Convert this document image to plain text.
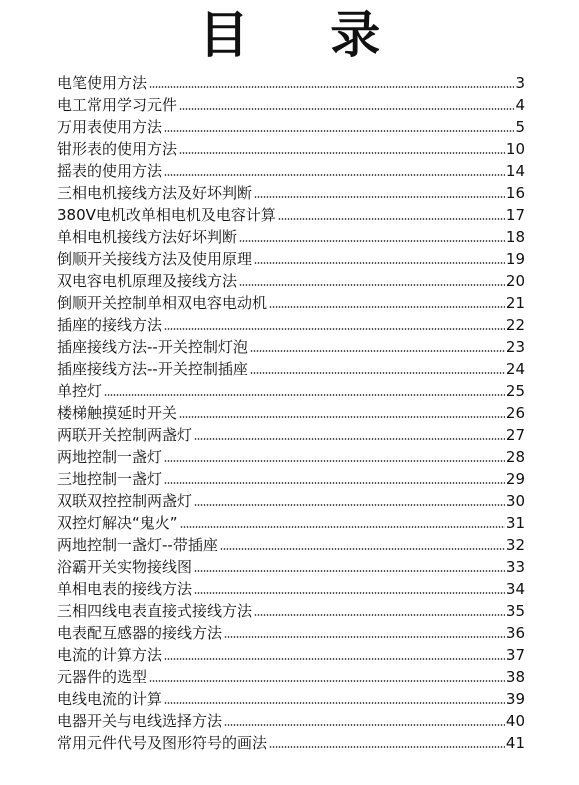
目 录
电笔使用方法	3
电工常用学习元件	4
万用表使用方法	5
钳形表的使用方法	10
摇表的使用方法	14
三相电机接线方法及好坏判断	16
380V电机改单相电机及电容计算	17
单相电机接线方法好坏判断	18
倒顺开关接线方法及使用原理	19
双电容电机原理及接线方法	20
倒顺开关控制单相双电容电动机	21
插座的接线方法	22
插座接线方法--开关控制灯泡	23
插座接线方法--开关控制插座	24
单控灯	25
楼梯触摸延时开关	26
两联开关控制两盏灯	27
两地控制一盏灯	28
三地控制一盏灯	29
双联双控控制两盏灯	30
双控灯解决“鬼火”	31
两地控制一盏灯--带插座	32
浴霸开关实物接线图	33
单相电表的接线方法	34
三相四线电表直接式接线方法	35
电表配互感器的接线方法	36
电流的计算方法	37
元器件的选型	38
电线电流的计算	39
电器开关与电线选择方法	40
常用元件代号及图形符号的画法	41
